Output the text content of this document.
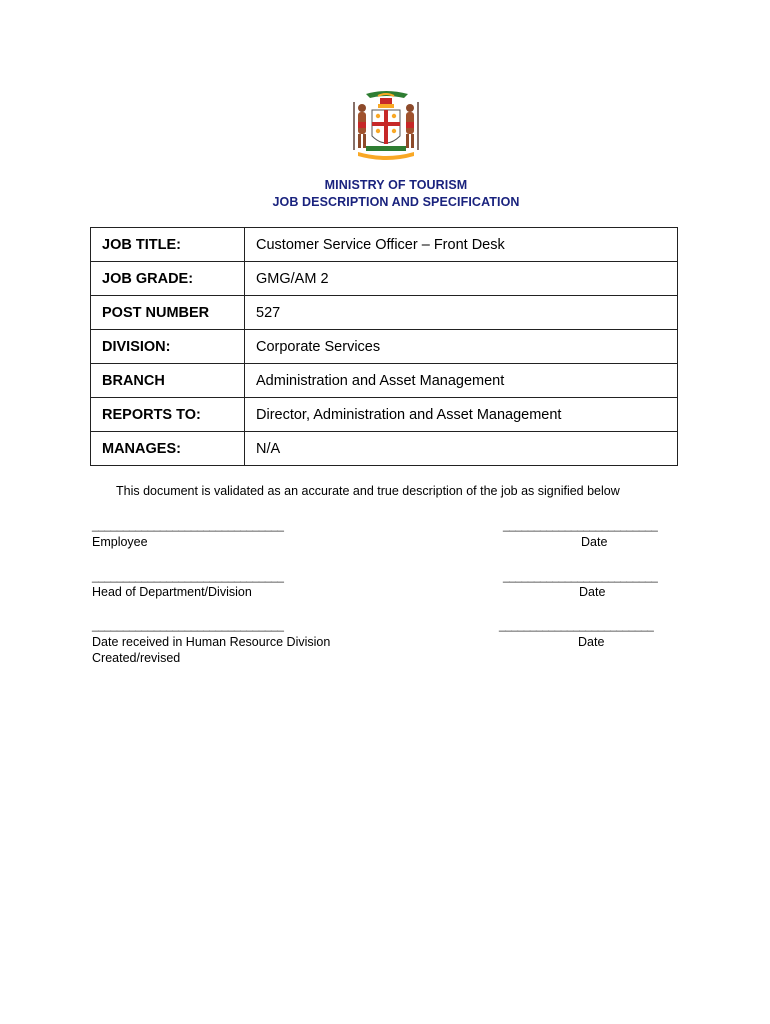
MINISTRY OF TOURISM
JOB DESCRIPTION AND SPECIFICATION
JOB TITLE:	Customer Service Officer – Front Desk
JOB GRADE:	GMG/AM 2
POST NUMBER	527
DIVISION:	Corporate Services
BRANCH	Administration and Asset Management
REPORTS TO:	Director, Administration and Asset Management
MANAGES:	N/A
This document is validated as an accurate and true description of the job as signified below
_______________________________	_________________________
Employee	Date
_______________________________	_________________________
Head of Department/Division	Date
_______________________________	_________________________
Date received in Human Resource Division	Date
Created/revised
